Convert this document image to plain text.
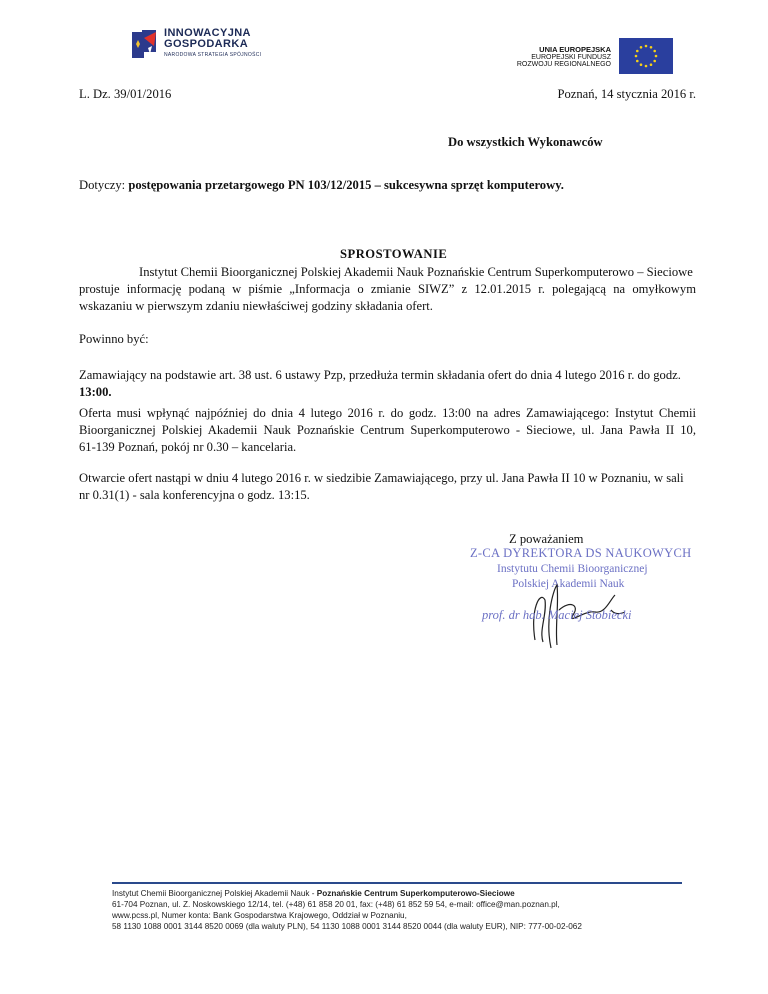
INNOWACYJNA
GOSPODARKA
NARODOWA STRATEGIA SPÓJNOŚCI
UNIA EUROPEJSKA
EUROPEJSKI FUNDUSZ
ROZWOJU REGIONALNEGO
L. Dz. 39/01/2016	Poznań, 14 stycznia 2016 r.
Do wszystkich Wykonawców
Dotyczy: postępowania przetargowego PN 103/12/2015 – sukcesywna sprzęt komputerowy.
SPROSTOWANIE
Instytut Chemii Bioorganicznej Polskiej Akademii Nauk Poznańskie Centrum Superkomputerowo – Sieciowe
prostuje informację podaną w piśmie „Informacja o zmianie SIWZ” z 12.01.2015 r. polegającą na omyłkowym
wskazaniu w pierwszym zdaniu niewłaściwej godziny składania ofert.
Powinno być:
Zamawiający na podstawie art. 38 ust. 6 ustawy Pzp, przedłuża termin składania ofert do dnia 4 lutego 2016 r. do godz.
13:00.
Oferta musi wpłynąć najpóźniej do dnia 4 lutego 2016 r. do godz. 13:00 na adres Zamawiającego: Instytut Chemii
Bioorganicznej Polskiej Akademii Nauk Poznańskie Centrum Superkomputerowo - Sieciowe, ul. Jana Pawła II 10,
61-139 Poznań, pokój nr 0.30 – kancelaria.
Otwarcie ofert nastąpi w dniu 4 lutego 2016 r. w siedzibie Zamawiającego, przy ul. Jana Pawła II 10 w Poznaniu, w sali
nr 0.31(1) - sala konferencyjna o godz. 13:15.
Z poważaniem
Z-CA DYREKTORA DS NAUKOWYCH
Instytutu Chemii Bioorganicznej
Polskiej Akademii Nauk
prof. dr hab. Maciej Stobiecki
Instytut Chemii Bioorganicznej Polskiej Akademii Nauk - Poznańskie Centrum Superkomputerowo-Sieciowe
61-704 Poznan, ul. Z. Noskowskiego 12/14, tel. (+48) 61 858 20 01, fax: (+48) 61 852 59 54, e-mail: office@man.poznan.pl,
www.pcss.pl, Numer konta: Bank Gospodarstwa Krajowego, Oddział w Poznaniu,
58 1130 1088 0001 3144 8520 0069 (dla waluty PLN), 54 1130 1088 0001 3144 8520 0044 (dla waluty EUR), NIP: 777-00-02-062
